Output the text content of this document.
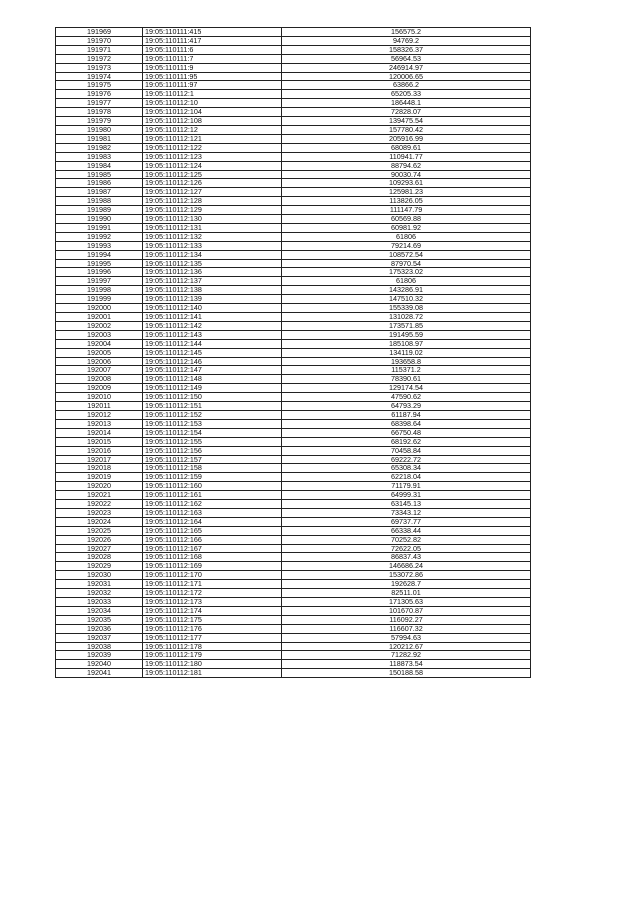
191969	19:05:110111:415	156575.2
191970	19:05:110111:417	94769.2
191971	19:05:110111:6	158326.37
191972	19:05:110111:7	56964.53
191973	19:05:110111:9	246914.97
191974	19:05:110111:95	120006.65
191975	19:05:110111:97	63866.2
191976	19:05:110112:1	65205.33
191977	19:05:110112:10	186448.1
191978	19:05:110112:104	72828.07
191979	19:05:110112:108	139475.54
191980	19:05:110112:12	157780.42
191981	19:05:110112:121	205916.99
191982	19:05:110112:122	68089.61
191983	19:05:110112:123	110941.77
191984	19:05:110112:124	88794.62
191985	19:05:110112:125	90030.74
191986	19:05:110112:126	109293.61
191987	19:05:110112:127	125981.23
191988	19:05:110112:128	113826.05
191989	19:05:110112:129	111147.79
191990	19:05:110112:130	60569.88
191991	19:05:110112:131	60981.92
191992	19:05:110112:132	61806
191993	19:05:110112:133	79214.69
191994	19:05:110112:134	108572.54
191995	19:05:110112:135	87970.54
191996	19:05:110112:136	175323.02
191997	19:05:110112:137	61806
191998	19:05:110112:138	143286.91
191999	19:05:110112:139	147510.32
192000	19:05:110112:140	155339.08
192001	19:05:110112:141	131028.72
192002	19:05:110112:142	173571.85
192003	19:05:110112:143	191495.59
192004	19:05:110112:144	185108.97
192005	19:05:110112:145	134119.02
192006	19:05:110112:146	193658.8
192007	19:05:110112:147	115371.2
192008	19:05:110112:148	78390.61
192009	19:05:110112:149	129174.54
192010	19:05:110112:150	47590.62
192011	19:05:110112:151	64793.29
192012	19:05:110112:152	61187.94
192013	19:05:110112:153	68398.64
192014	19:05:110112:154	66750.48
192015	19:05:110112:155	68192.62
192016	19:05:110112:156	70458.84
192017	19:05:110112:157	69222.72
192018	19:05:110112:158	65308.34
192019	19:05:110112:159	62218.04
192020	19:05:110112:160	71179.91
192021	19:05:110112:161	64999.31
192022	19:05:110112:162	63145.13
192023	19:05:110112:163	73343.12
192024	19:05:110112:164	69737.77
192025	19:05:110112:165	66338.44
192026	19:05:110112:166	70252.82
192027	19:05:110112:167	72622.05
192028	19:05:110112:168	86837.43
192029	19:05:110112:169	146686.24
192030	19:05:110112:170	153072.86
192031	19:05:110112:171	192628.7
192032	19:05:110112:172	82511.01
192033	19:05:110112:173	171305.63
192034	19:05:110112:174	101670.87
192035	19:05:110112:175	116092.27
192036	19:05:110112:176	116607.32
192037	19:05:110112:177	57994.63
192038	19:05:110112:178	120212.67
192039	19:05:110112:179	71282.92
192040	19:05:110112:180	118873.54
192041	19:05:110112:181	150188.58
